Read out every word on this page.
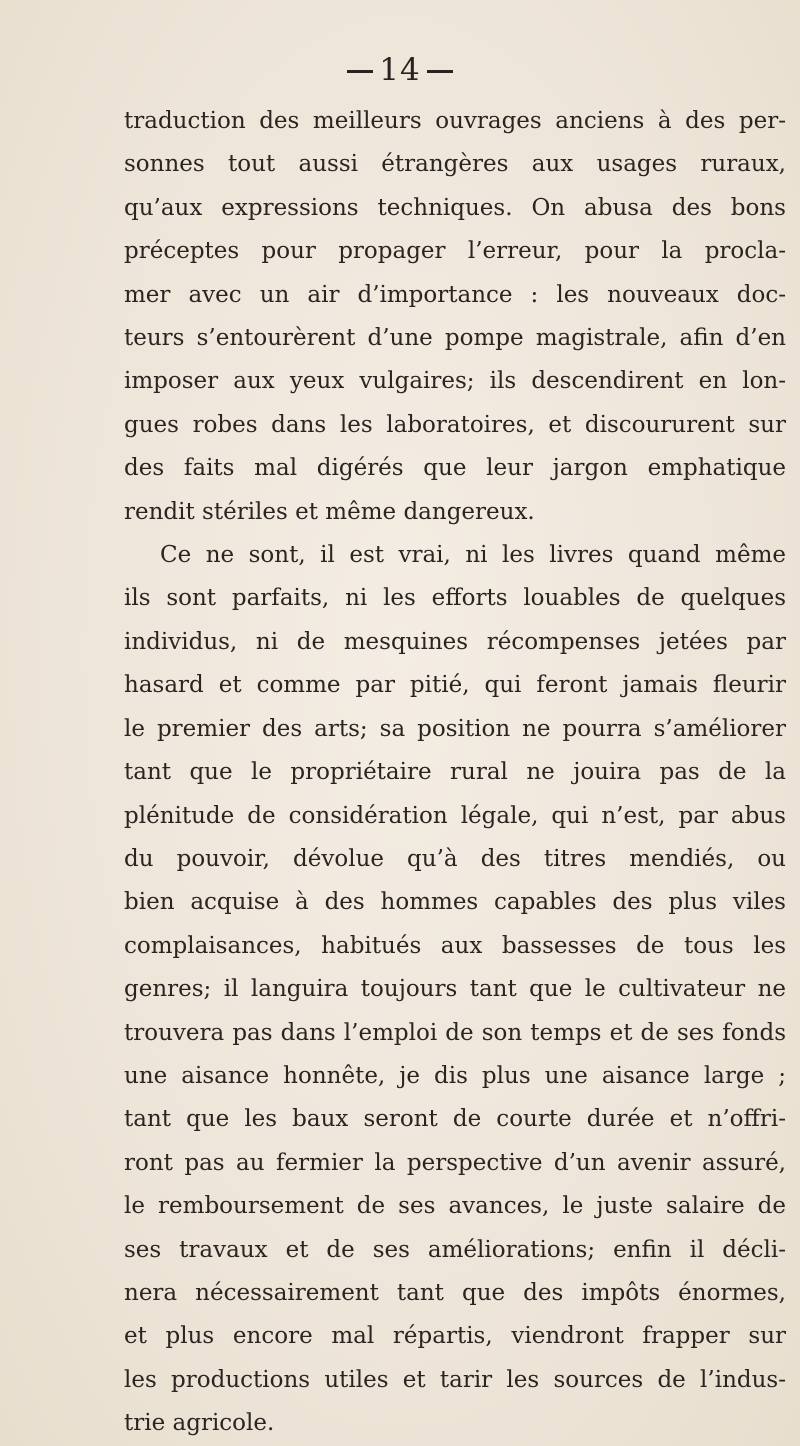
14
traduction des meilleurs ouvrages anciens à des per-
sonnes tout aussi étrangères aux usages ruraux,
qu’aux expressions techniques. On abusa des bons
préceptes pour propager l’erreur, pour la procla-
mer avec un air d’importance : les nouveaux doc-
teurs s’entourèrent d’une pompe magistrale, afin d’en
imposer aux yeux vulgaires; ils descendirent en lon-
gues robes dans les laboratoires, et discoururent sur
des faits mal digérés que leur jargon emphatique
rendit stériles et même dangereux.
Ce ne sont, il est vrai, ni les livres quand même
ils sont parfaits, ni les efforts louables de quelques
individus, ni de mesquines récompenses jetées par
hasard et comme par pitié, qui feront jamais fleurir
le premier des arts; sa position ne pourra s’améliorer
tant que le propriétaire rural ne jouira pas de la
plénitude de considération légale, qui n’est, par abus
du pouvoir, dévolue qu’à des titres mendiés, ou
bien acquise à des hommes capables des plus viles
complaisances, habitués aux bassesses de tous les
genres; il languira toujours tant que le cultivateur ne
trouvera pas dans l’emploi de son temps et de ses fonds
une aisance honnête, je dis plus une aisance large ;
tant que les baux seront de courte durée et n’offri-
ront pas au fermier la perspective d’un avenir assuré,
le remboursement de ses avances, le juste salaire de
ses travaux et de ses améliorations; enfin il décli-
nera nécessairement tant que des impôts énormes,
et plus encore mal répartis, viendront frapper sur
les productions utiles et tarir les sources de l’indus-
trie agricole.
